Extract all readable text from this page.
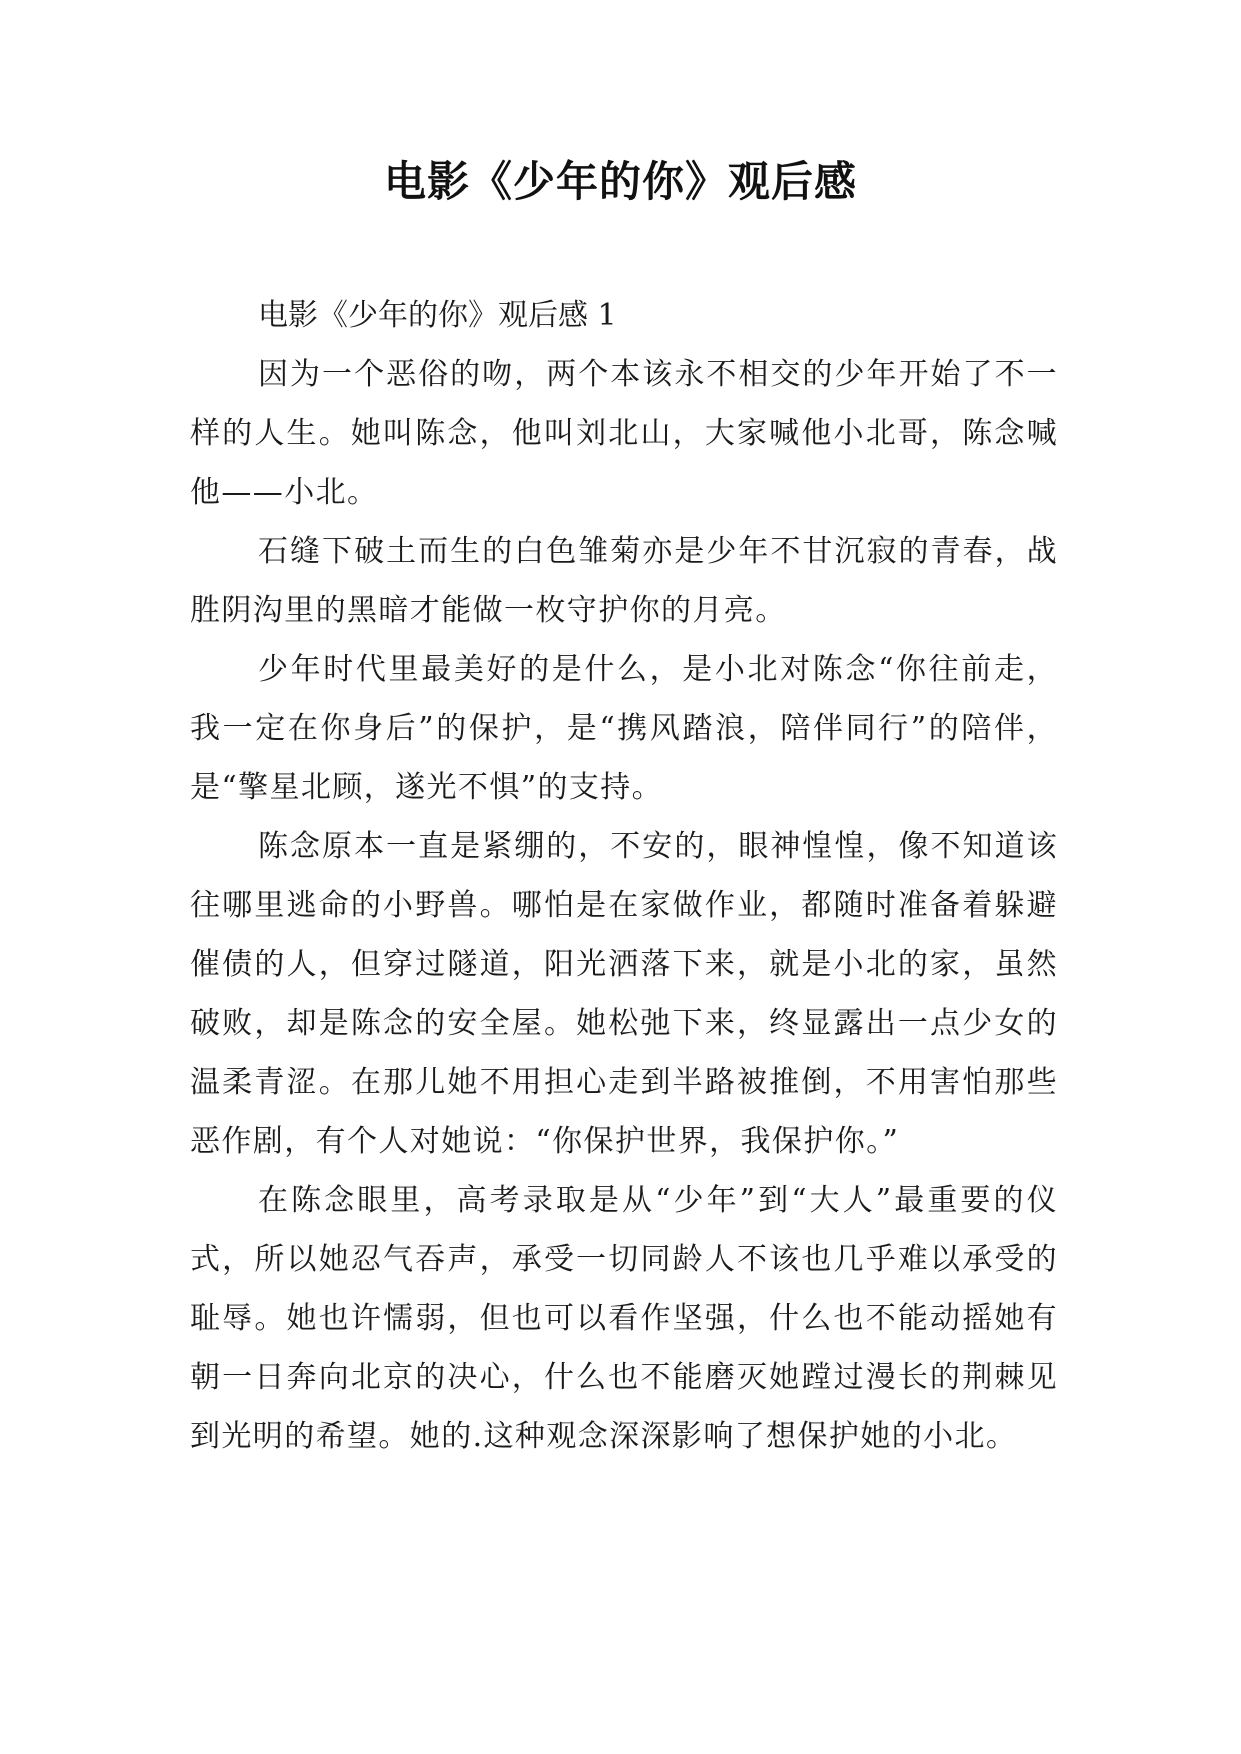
电影《少年的你》观后感

电影《少年的你》观后感 1

因为一个恶俗的吻，两个本该永不相交的少年开始了不一样的人生。她叫陈念，他叫刘北山，大家喊他小北哥，陈念喊他——小北。

石缝下破土而生的白色雏菊亦是少年不甘沉寂的青春，战胜阴沟里的黑暗才能做一枚守护你的月亮。

少年时代里最美好的是什么，是小北对陈念“你往前走，我一定在你身后”的保护，是“携风踏浪，陪伴同行”的陪伴，是“擎星北顾，遂光不惧”的支持。

陈念原本一直是紧绷的，不安的，眼神惶惶，像不知道该往哪里逃命的小野兽。哪怕是在家做作业，都随时准备着躲避催债的人，但穿过隧道，阳光洒落下来，就是小北的家，虽然破败，却是陈念的安全屋。她松弛下来，终显露出一点少女的温柔青涩。在那儿她不用担心走到半路被推倒，不用害怕那些恶作剧，有个人对她说：“你保护世界，我保护你。”

在陈念眼里，高考录取是从“少年”到“大人”最重要的仪式，所以她忍气吞声，承受一切同龄人不该也几乎难以承受的耻辱。她也许懦弱，但也可以看作坚强，什么也不能动摇她有朝一日奔向北京的决心，什么也不能磨灭她蹚过漫长的荆棘见到光明的希望。她的.这种观念深深影响了想保护她的小北。
